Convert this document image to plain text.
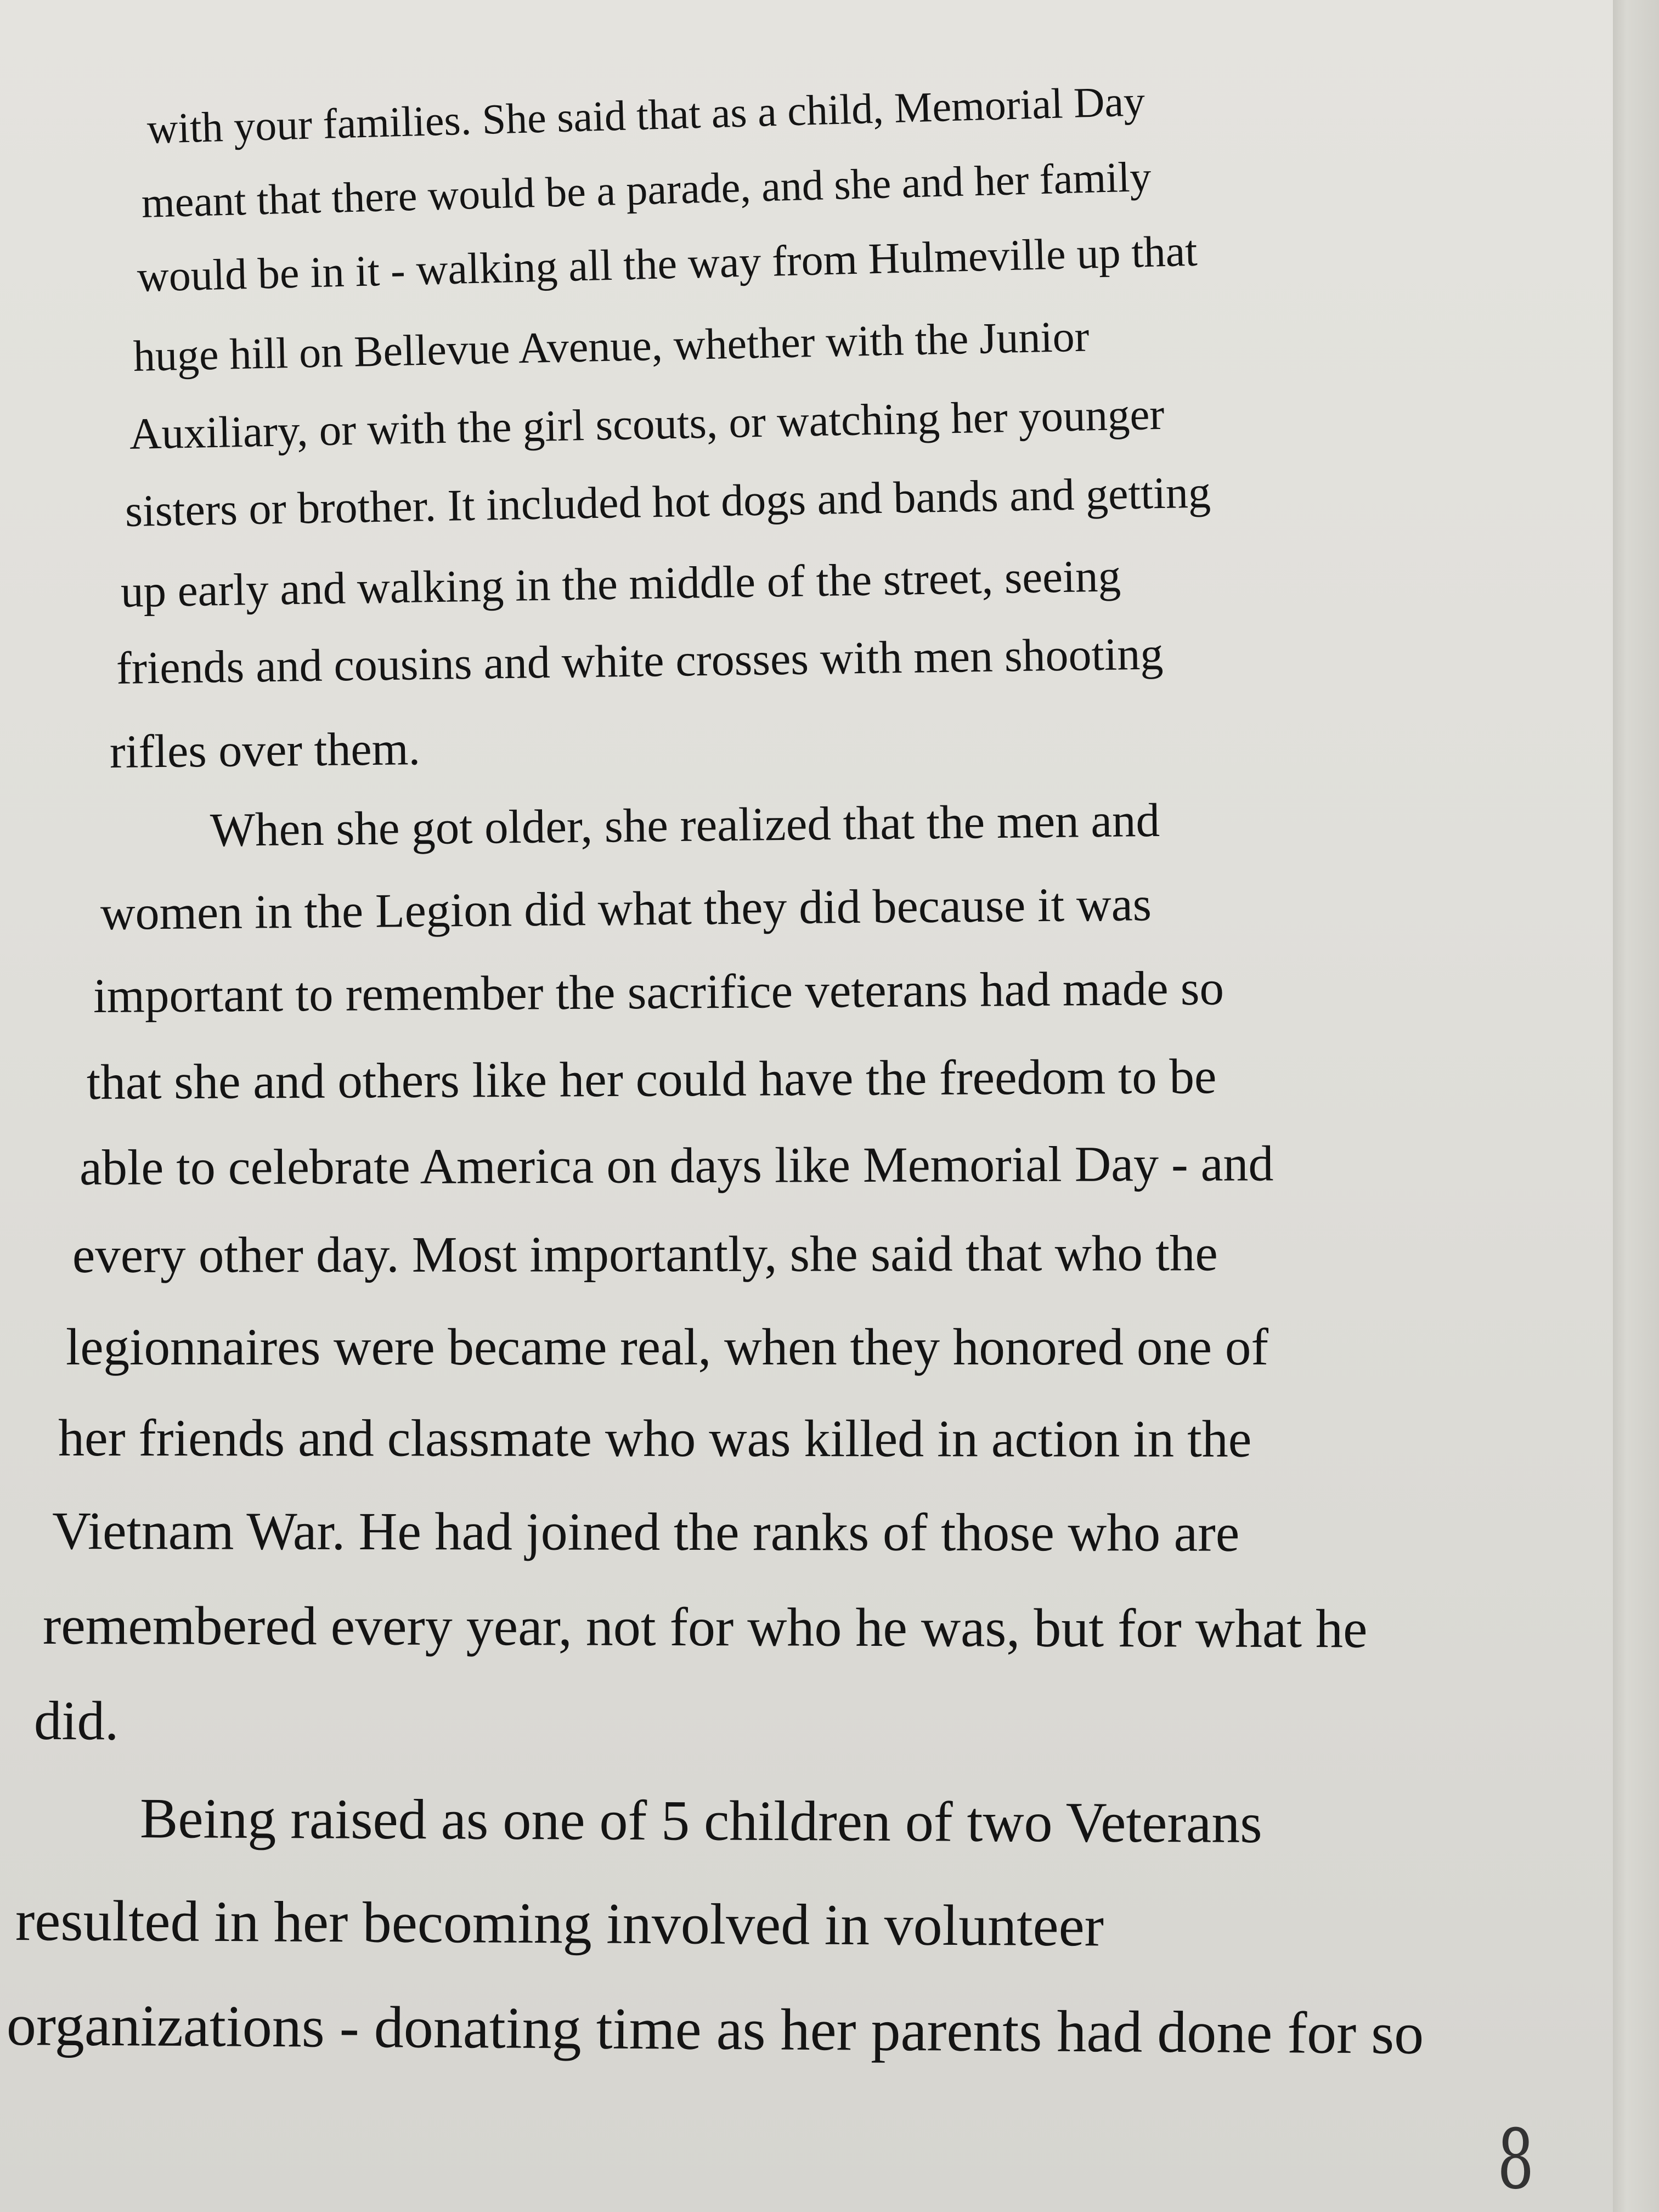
with your families. She said that as a child, Memorial Day
meant that there would be a parade, and she and her family
would be in it - walking all the way from Hulmeville up that
huge hill on Bellevue Avenue, whether with the Junior
Auxiliary, or with the girl scouts, or watching her younger
sisters or brother. It included hot dogs and bands and getting
up early and walking in the middle of the street, seeing
friends and cousins and white crosses with men shooting
rifles over them.
When she got older, she realized that the men and
women in the Legion did what they did because it was
important to remember the sacrifice veterans had made so
that she and others like her could have the freedom to be
able to celebrate America on days like Memorial Day - and
every other day. Most importantly, she said that who the
legionnaires were became real, when they honored one of
her friends and classmate who was killed in action in the
Vietnam War. He had joined the ranks of those who are
remembered every year, not for who he was, but for what he
did.
Being raised as one of 5 children of two Veterans
resulted in her becoming involved in volunteer
organizations - donating time as her parents had done for so
8
